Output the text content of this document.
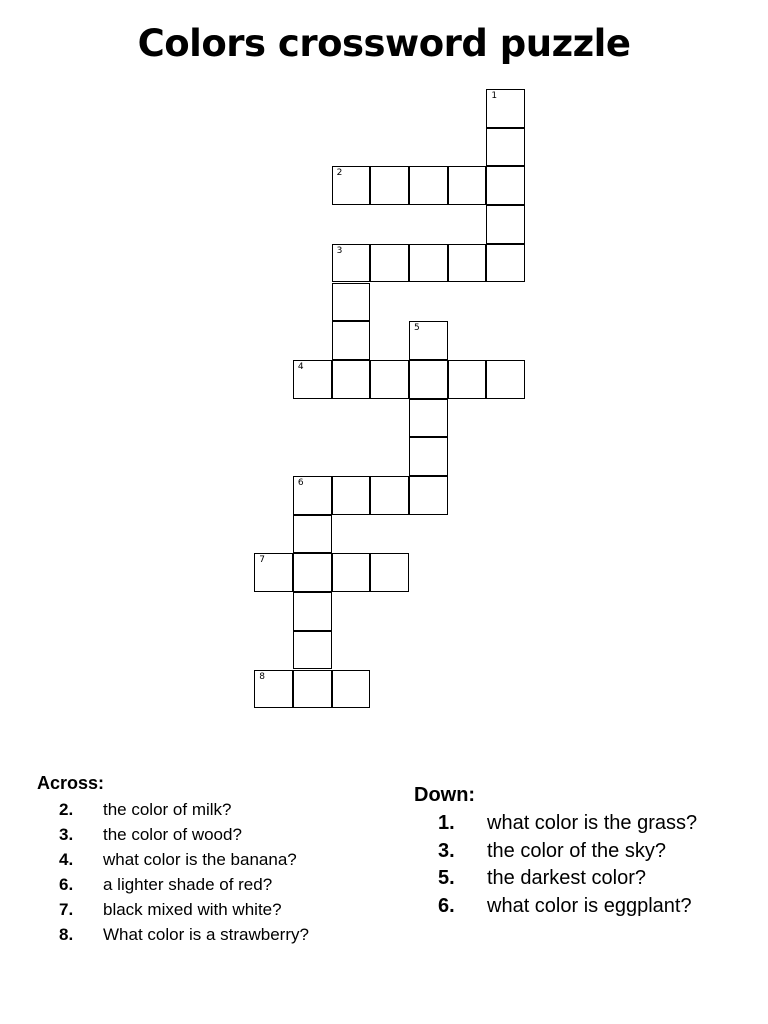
Colors crossword puzzle
1
2
3
5
4
6
7
8
Across:
2. the color of milk?
3. the color of wood?
4. what color is the banana?
6. a lighter shade of red?
7. black mixed with white?
8. What color is a strawberry?
Down:
1. what color is the grass?
3. the color of the sky?
5. the darkest color?
6. what color is eggplant?
